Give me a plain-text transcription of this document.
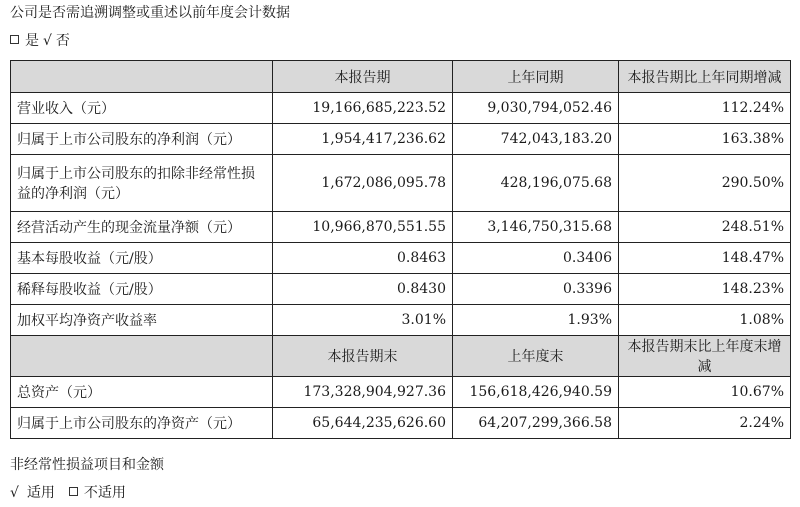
公司是否需追溯调整或重述以前年度会计数据
是 √ 否
	本报告期	上年同期	本报告期比上年同期增减
营业收入（元）	19,166,685,223.52	9,030,794,052.46	112.24%
归属于上市公司股东的净利润（元）	1,954,417,236.62	742,043,183.20	163.38%
归属于上市公司股东的扣除非经常性损益的净利润（元）	1,672,086,095.78	428,196,075.68	290.50%
经营活动产生的现金流量净额（元）	10,966,870,551.55	3,146,750,315.68	248.51%
基本每股收益（元/股）	0.8463	0.3406	148.47%
稀释每股收益（元/股）	0.8430	0.3396	148.23%
加权平均净资产收益率	3.01%	1.93%	1.08%
	本报告期末	上年度末	本报告期末比上年度末增减
总资产（元）	173,328,904,927.36	156,618,426,940.59	10.67%
归属于上市公司股东的净资产（元）	65,644,235,626.60	64,207,299,366.58	2.24%
非经常性损益项目和金额
√ 适用 不适用
